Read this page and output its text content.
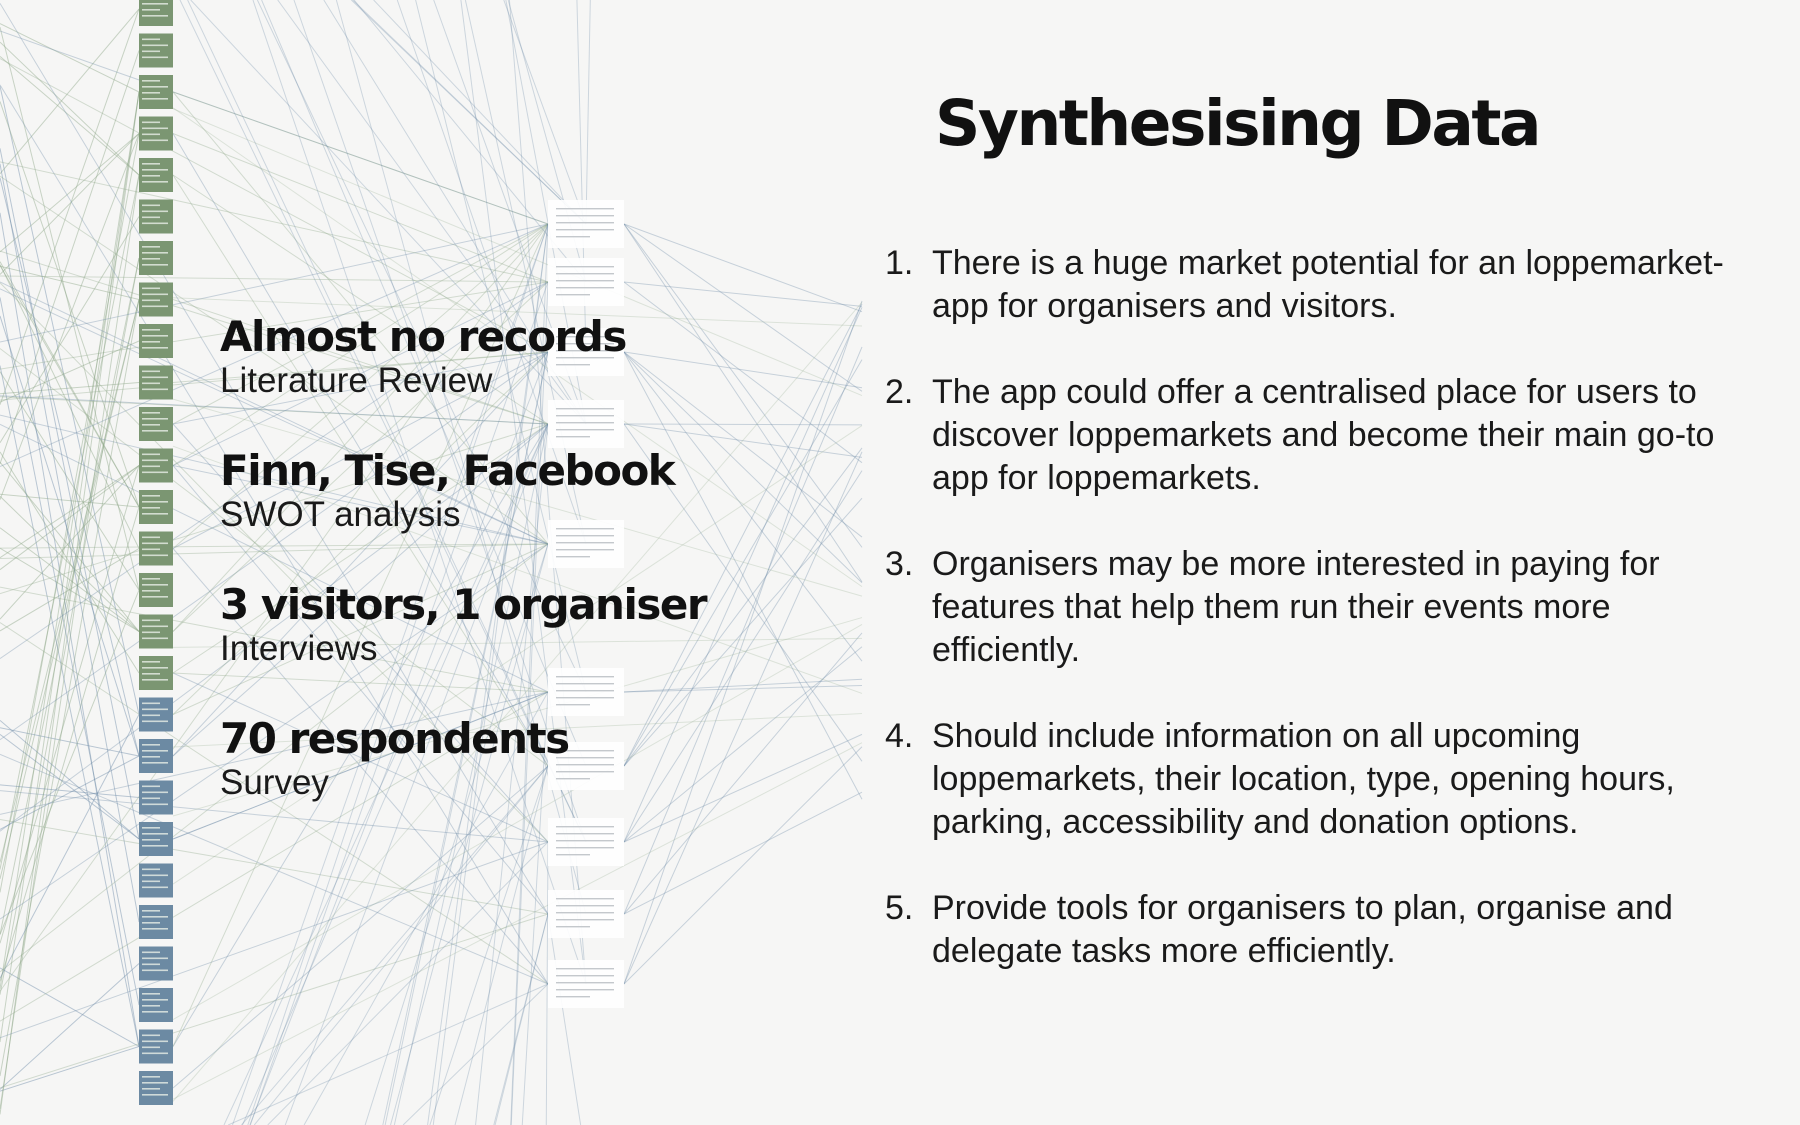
Almost no records
Literature Review
Finn, Tise, Facebook
SWOT analysis
3 visitors, 1 organiser
Interviews
70 respondents
Survey
Synthesising Data
1. There is a huge market potential for an loppemarket-app for organisers and visitors.
2. The app could offer a centralised place for users to discover loppemarkets and become their main go-to app for loppemarkets.
3. Organisers may be more interested in paying for features that help them run their events more efficiently.
4. Should include information on all upcoming loppemarkets, their location, type, opening hours, parking, accessibility and donation options.
5. Provide tools for organisers to plan, organise and delegate tasks more efficiently.
